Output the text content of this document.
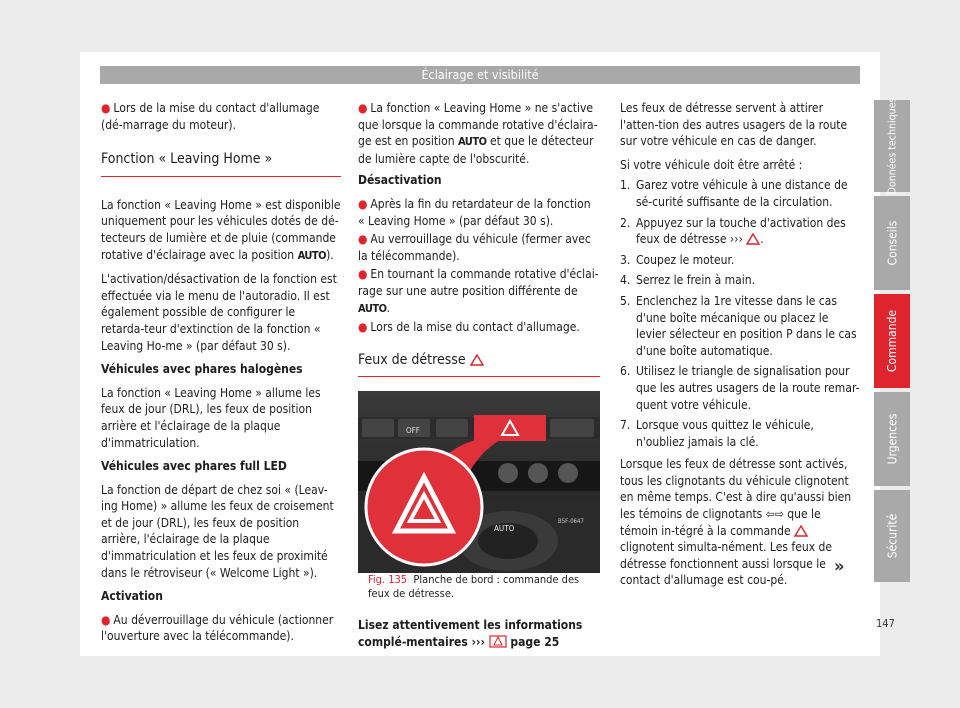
Éclairage et visibilité

● Lors de la mise du contact d'allumage (dé-marrage du moteur).

Fonction « Leaving Home »

La fonction « Leaving Home » est disponible uniquement pour les véhicules dotés de dé-tecteurs de lumière et de pluie (commande rotative d'éclairage avec la position AUTO).

L'activation/désactivation de la fonction est effectuée via le menu de l'autoradio. Il est également possible de configurer le retarda-teur d'extinction de la fonction « Leaving Ho-me » (par défaut 30 s).

Véhicules avec phares halogènes

La fonction « Leaving Home » allume les feux de jour (DRL), les feux de position arrière et l'éclairage de la plaque d'immatriculation.

Véhicules avec phares full LED

La fonction de départ de chez soi « (Leav-ing Home) » allume les feux de croisement et de jour (DRL), les feux de position arrière, l'éclairage de la plaque d'immatriculation et les feux de proximité dans le rétroviseur (« Welcome Light »).

Activation

● Au déverrouillage du véhicule (actionner l'ouverture avec la télécommande).

● La fonction « Leaving Home » ne s'active que lorsque la commande rotative d'éclaira-ge est en position AUTO et que le détecteur de lumière capte de l'obscurité.

Désactivation

● Après la fin du retardateur de la fonction « Leaving Home » (par défaut 30 s).

● Au verrouillage du véhicule (fermer avec la télécommande).

● En tournant la commande rotative d'éclai-rage sur une autre position différente de AUTO.

● Lors de la mise du contact d'allumage.

Feux de détresse
OFF
AUTO
B5F-0647

Fig. 135 Planche de bord : commande des feux de détresse.

Lisez attentivement les informations complé-mentaires ››› page 25

Les feux de détresse servent à attirer l'atten-tion des autres usagers de la route sur votre véhicule en cas de danger.

Si votre véhicule doit être arrêté :

1. Garez votre véhicule à une distance de sé-curité suffisante de la circulation.
2. Appuyez sur la touche d'activation des feux de détresse ››› .
3. Coupez le moteur.
4. Serrez le frein à main.
5. Enclenchez la 1re vitesse dans le cas d'une boîte mécanique ou placez le levier sélecteur en position P dans le cas d'une boîte automatique.
6. Utilisez le triangle de signalisation pour que les autres usagers de la route remar-quent votre véhicule.
7. Lorsque vous quittez le véhicule, n'oubliez jamais la clé.

Lorsque les feux de détresse sont activés, tous les clignotants du véhicule clignotent en même temps. C'est à dire qu'aussi bien les témoins de clignotants ⇦⇨ que le témoin in-tégré à la commande  clignotent simulta-nément. Les feux de détresse fonctionnent aussi lorsque le contact d'allumage est cou-pé.

»
Données techniques
Conseils
Commande
Urgences
Sécurité
147
